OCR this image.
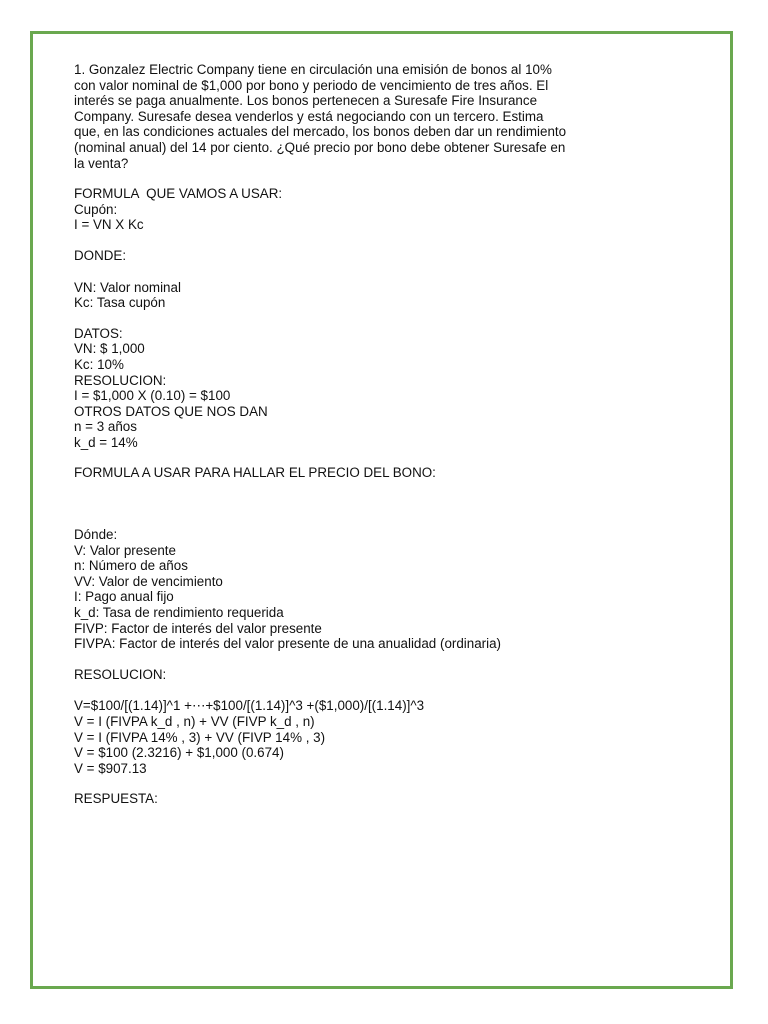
1. Gonzalez Electric Company tiene en circulación una emisión de bonos al 10%

con valor nominal de $1,000 por bono y periodo de vencimiento de tres años. El

interés se paga anualmente. Los bonos pertenecen a Suresafe Fire Insurance

Company. Suresafe desea venderlos y está negociando con un tercero. Estima

que, en las condiciones actuales del mercado, los bonos deben dar un rendimiento

(nominal anual) del 14 por ciento. ¿Qué precio por bono debe obtener Suresafe en

la venta?

FORMULA  QUE VAMOS A USAR:

Cupón:

I = VN X Kc

DONDE:

VN: Valor nominal

Kc: Tasa cupón

DATOS:

VN: $ 1,000

Kc: 10%

RESOLUCION:

I = $1,000 X (0.10) = $100

OTROS DATOS QUE NOS DAN

n = 3 años

k_d = 14%

FORMULA A USAR PARA HALLAR EL PRECIO DEL BONO:

Dónde:

V: Valor presente

n: Número de años

VV: Valor de vencimiento

I: Pago anual fijo

k_d: Tasa de rendimiento requerida

FIVP: Factor de interés del valor presente

FIVPA: Factor de interés del valor presente de una anualidad (ordinaria)

RESOLUCION:

V=$100/[(1.14)]^1 +⋯+$100/[(1.14)]^3 +($1,000)/[(1.14)]^3

V = I (FIVPA k_d , n) + VV (FIVP k_d , n)

V = I (FIVPA 14% , 3) + VV (FIVP 14% , 3)

V = $100 (2.3216) + $1,000 (0.674)

V = $907.13

RESPUESTA:
